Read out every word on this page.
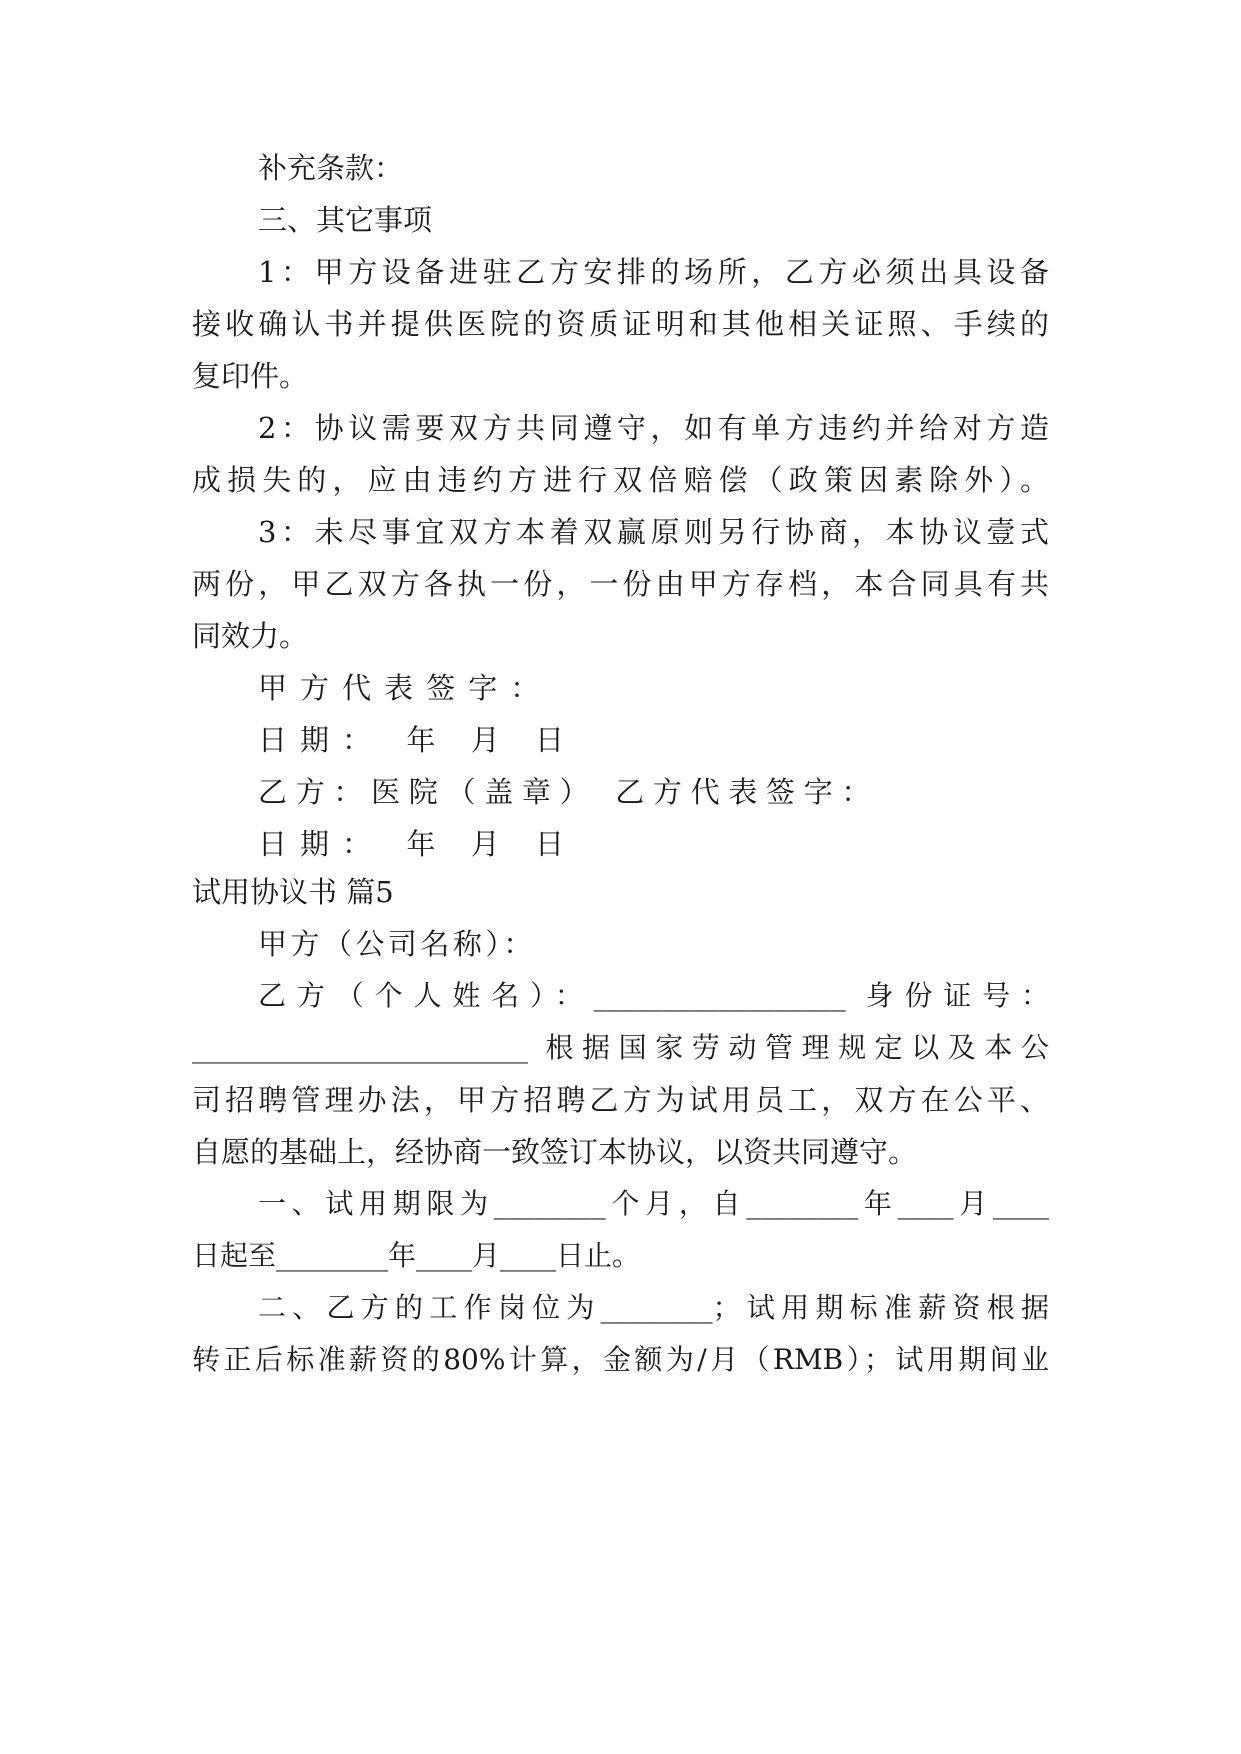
补充条款：
三、其它事项
1：甲方设备进驻乙方安排的场所，乙方必须出具设备
接收确认书并提供医院的资质证明和其他相关证照、手续的
复印件。
2：协议需要双方共同遵守，如有单方违约并给对方造
成损失的，应由违约方进行双倍赔偿（政策因素除外）。
3：未尽事宜双方本着双赢原则另行协商，本协议壹式
两份，甲乙双方各执一份，一份由甲方存档，本合同具有共
同效力。
甲方代表签字：
日期： 年 月 日
乙方：医院（盖章） 乙方代表签字：
日期： 年 月 日
试用协议书 篇5
甲方（公司名称）：
乙方（个人姓名）：__________________ 身份证号：
________________________ 根据国家劳动管理规定以及本公
司招聘管理办法，甲方招聘乙方为试用员工，双方在公平、
自愿的基础上，经协商一致签订本协议，以资共同遵守。
一、试用期限为________个月，自________年____月____
日起至________年____月____日止。
二、乙方的工作岗位为________；试用期标准薪资根据
转正后标准薪资的80%计算，金额为/月（RMB）；试用期间业
